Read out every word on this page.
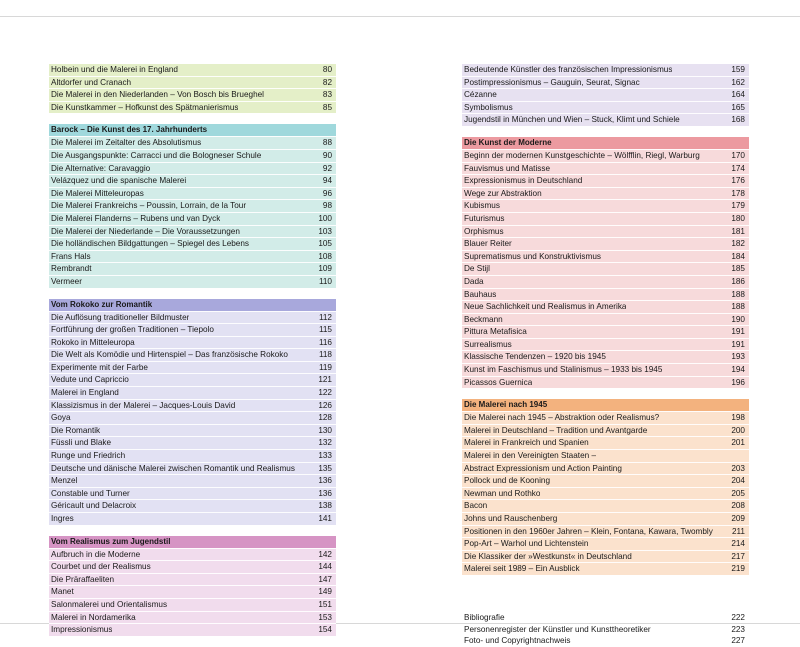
Holbein und die Malerei in England	80
Altdorfer und Cranach	82
Die Malerei in den Niederlanden – Von Bosch bis Brueghel	83
Die Kunstkammer – Hofkunst des Spätmanierismus	85
Barock – Die Kunst des 17. Jahrhunderts
Die Malerei im Zeitalter des Absolutismus	88
Die Ausgangspunkte: Carracci und die Bologneser Schule	90
Die Alternative: Caravaggio	92
Velázquez und die spanische Malerei	94
Die Malerei Mitteleuropas	96
Die Malerei Frankreichs – Poussin, Lorrain, de la Tour	98
Die Malerei Flanderns – Rubens und van Dyck	100
Die Malerei der Niederlande – Die Voraussetzungen	103
Die holländischen Bildgattungen – Spiegel des Lebens	105
Frans Hals	108
Rembrandt	109
Vermeer	110
Vom Rokoko zur Romantik
Die Auflösung traditioneller Bildmuster	112
Fortführung der großen Traditionen – Tiepolo	115
Rokoko in Mitteleuropa	116
Die Welt als Komödie und Hirtenspiel – Das französische Rokoko	118
Experimente mit der Farbe	119
Vedute und Capriccio	121
Malerei in England	122
Klassizismus in der Malerei – Jacques-Louis David	126
Goya	128
Die Romantik	130
Füssli und Blake	132
Runge und Friedrich	133
Deutsche und dänische Malerei zwischen Romantik und Realismus	135
Menzel	136
Constable und Turner	136
Géricault und Delacroix	138
Ingres	141
Vom Realismus zum Jugendstil
Aufbruch in die Moderne	142
Courbet und der Realismus	144
Die Präraffaeliten	147
Manet	149
Salonmalerei und Orientalismus	151
Malerei in Nordamerika	153
Impressionismus	154
Bedeutende Künstler des französischen Impressionismus	159
Postimpressionismus – Gauguin, Seurat, Signac	162
Cézanne	164
Symbolismus	165
Jugendstil in München und Wien – Stuck, Klimt und Schiele	168
Die Kunst der Moderne
Beginn der modernen Kunstgeschichte – Wölfflin, Riegl, Warburg	170
Fauvismus und Matisse	174
Expressionismus in Deutschland	176
Wege zur Abstraktion	178
Kubismus	179
Futurismus	180
Orphismus	181
Blauer Reiter	182
Suprematismus und Konstruktivismus	184
De Stijl	185
Dada	186
Bauhaus	188
Neue Sachlichkeit und Realismus in Amerika	188
Beckmann	190
Pittura Metafisica	191
Surrealismus	191
Klassische Tendenzen – 1920 bis 1945	193
Kunst im Faschismus und Stalinismus – 1933 bis 1945	194
Picassos Guernica	196
Die Malerei nach 1945
Die Malerei nach 1945 – Abstraktion oder Realismus?	198
Malerei in Deutschland – Tradition und Avantgarde	200
Malerei in Frankreich und Spanien	201
Malerei in den Vereinigten Staaten –
Abstract Expressionism und Action Painting	203
Pollock und de Kooning	204
Newman und Rothko	205
Bacon	208
Johns und Rauschenberg	209
Positionen in den 1960er Jahren – Klein, Fontana, Kawara, Twombly	211
Pop-Art – Warhol und Lichtenstein	214
Die Klassiker der »Westkunst« in Deutschland	217
Malerei seit 1989 – Ein Ausblick	219
Bibliografie	222
Personenregister der Künstler und Kunsttheoretiker	223
Foto- und Copyrightnachweis	227
